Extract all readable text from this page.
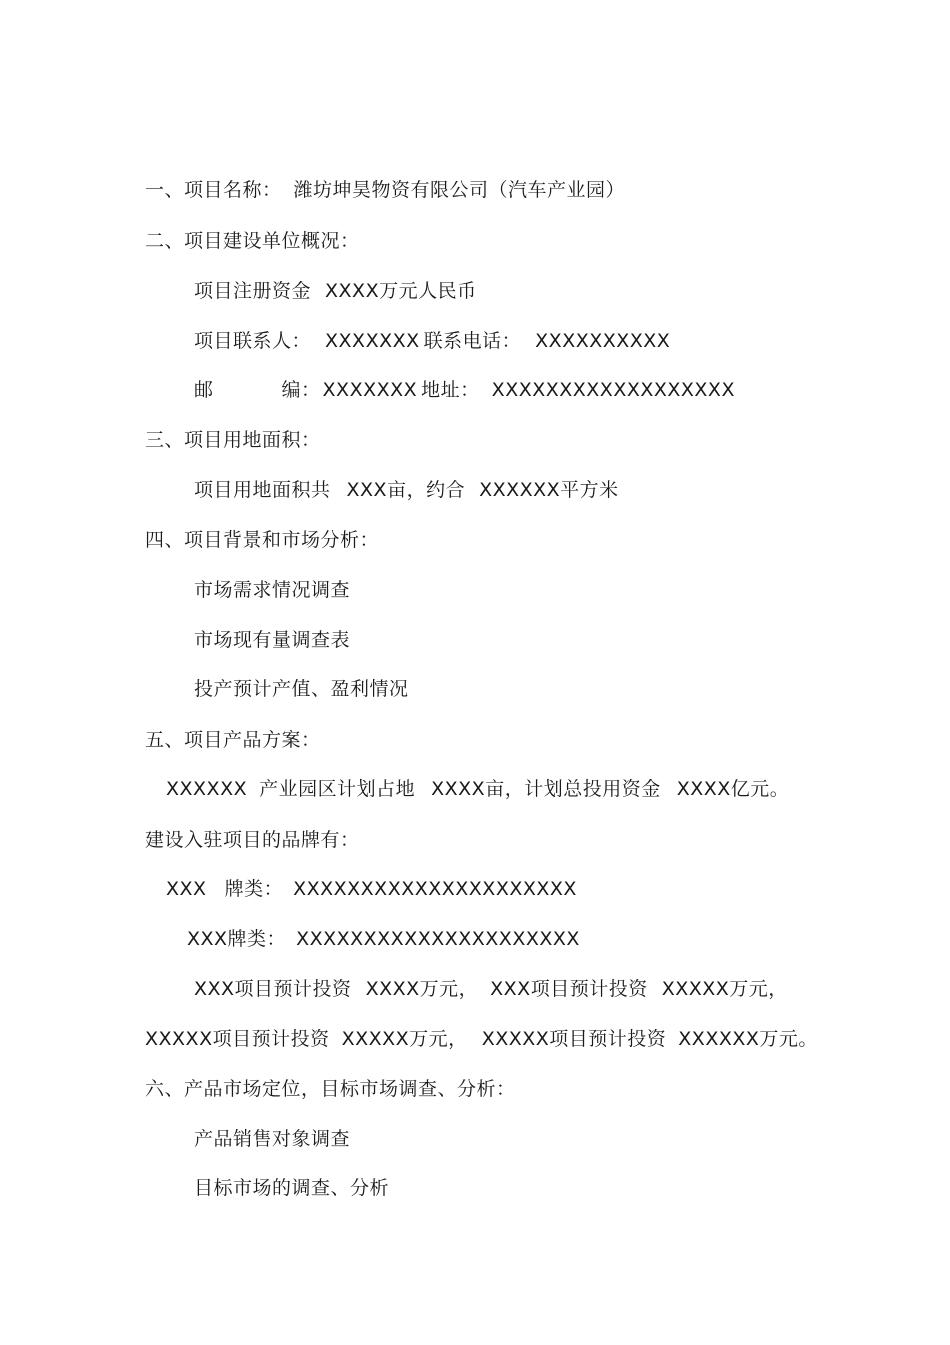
一、项目名称： 潍坊坤昊物资有限公司（汽车产业园）
二、项目建设单位概况：
项目注册资金 XXXX万元人民币
项目联系人： XXXXXXX 联系电话： XXXXXXXXXX
邮	编： XXXXXXX 地址： XXXXXXXXXXXXXXXXXX
三、项目用地面积：
项目用地面积共 XXX亩，约合 XXXXXX平方米
四、项目背景和市场分析：
市场需求情况调查
市场现有量调查表
投产预计产值、盈利情况
五、项目产品方案：
XXXXXX 产业园区计划占地 XXXX亩，计划总投用资金 XXXX亿元。
建设入驻项目的品牌有：
XXX 牌类： XXXXXXXXXXXXXXXXXXXXX
XXX牌类： XXXXXXXXXXXXXXXXXXXXX
XXX项目预计投资 XXXX万元， XXX项目预计投资 XXXXX万元，
XXXXX项目预计投资 XXXXX万元， XXXXX项目预计投资 XXXXXX万元。
六、产品市场定位，目标市场调查、分析：
产品销售对象调查
目标市场的调查、分析
